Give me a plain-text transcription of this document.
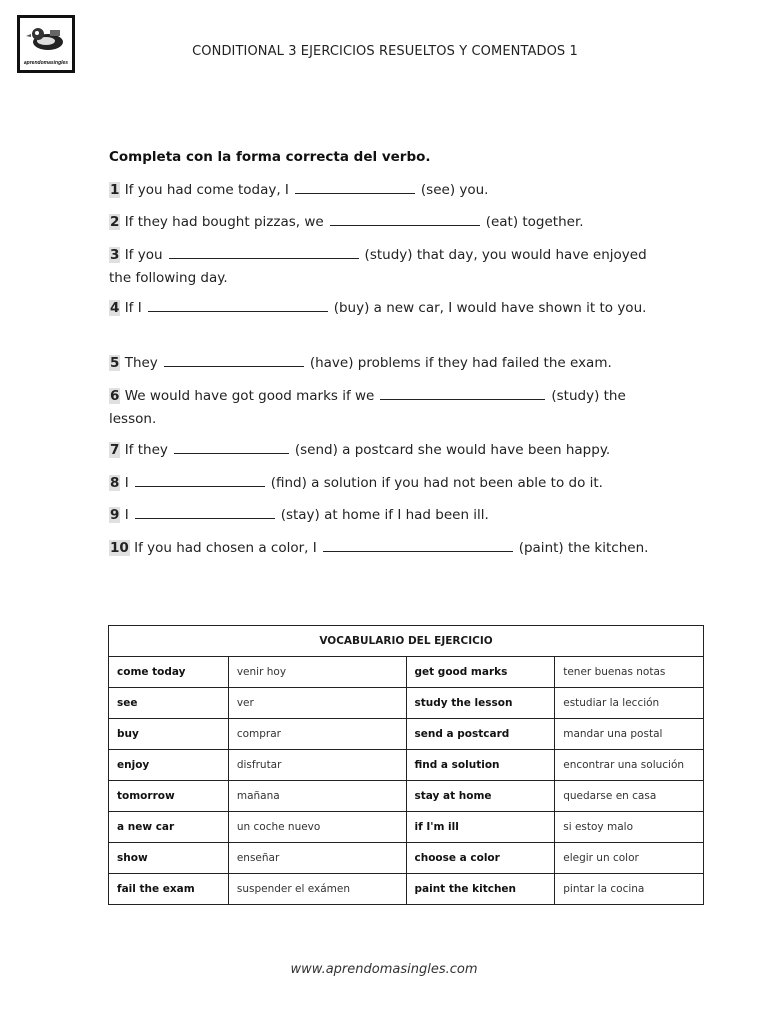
aprendomasingles
CONDITIONAL 3 EJERCICIOS RESUELTOS Y COMENTADOS 1
Completa con la forma correcta del verbo.
1 If you had come today, I	(see) you.
2 If they had bought pizzas, we	(eat) together.
3 If you	(study) that day, you would have enjoyed the following day.
4 If I	(buy) a new car, I would have shown it to you.
5 They	(have) problems if they had failed the exam.
6 We would have got good marks if we	(study) the lesson.
7 If they	(send) a postcard she would have been happy.
8 I	(find) a solution if you had not been able to do it.
9 I	(stay) at home if I had been ill.
10 If you had chosen a color, I	(paint) the kitchen.
VOCABULARIO DEL EJERCICIO			
come today	venir hoy	get good marks	tener buenas notas
see	ver	study the lesson	estudiar la lección
buy	comprar	send a postcard	mandar una postal
enjoy	disfrutar	find a solution	encontrar una solución
tomorrow	mañana	stay at home	quedarse en casa
a new car	un coche nuevo	if I'm ill	si estoy malo
show	enseñar	choose a color	elegir un color
fail the exam	suspender el exámen	paint the kitchen	pintar la cocina
www.aprendomasingles.com
